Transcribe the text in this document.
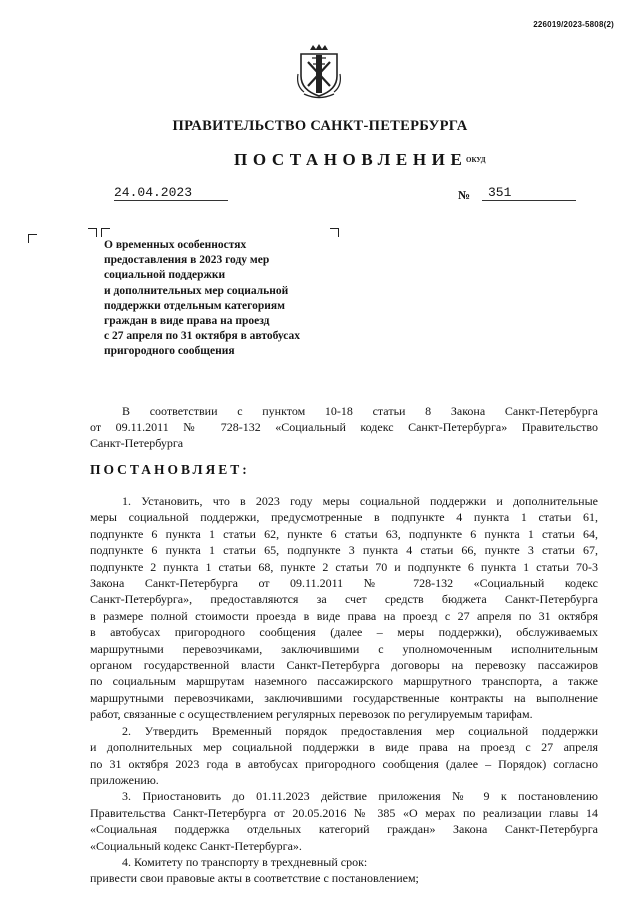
226019/2023-5808(2)
ПРАВИТЕЛЬСТВО САНКТ-ПЕТЕРБУРГА
ПОСТАНОВЛЕНИЕ
ОКУД
24.04.2023	№	351
О временных особенностях
предоставления в 2023 году мер
социальной поддержки
и дополнительных мер социальной
поддержки отдельным категориям
граждан в виде права на проезд
с 27 апреля по 31 октября в автобусах
пригородного сообщения
В соответствии с пунктом 10-18 статьи 8 Закона Санкт-Петербурга
от 09.11.2011 № 728-132 «Социальный кодекс Санкт-Петербурга» Правительство
Санкт-Петербурга
ПОСТАНОВЛЯЕТ:
1. Установить, что в 2023 году меры социальной поддержки и дополнительные
меры социальной поддержки, предусмотренные в подпункте 4 пункта 1 статьи 61,
подпункте 6 пункта 1 статьи 62, пункте 6 статьи 63, подпункте 6 пункта 1 статьи 64,
подпункте 6 пункта 1 статьи 65, подпункте 3 пункта 4 статьи 66, пункте 3 статьи 67,
подпункте 2 пункта 1 статьи 68, пункте 2 статьи 70 и подпункте 6 пункта 1 статьи 70-3
Закона Санкт-Петербурга от 09.11.2011 № 728-132 «Социальный кодекс
Санкт-Петербурга», предоставляются за счет средств бюджета Санкт-Петербурга
в размере полной стоимости проезда в виде права на проезд с 27 апреля по 31 октября
в автобусах пригородного сообщения (далее – меры поддержки), обслуживаемых
маршрутными перевозчиками, заключившими с уполномоченным исполнительным
органом государственной власти Санкт-Петербурга договоры на перевозку пассажиров
по социальным маршрутам наземного пассажирского маршрутного транспорта, а также
маршрутными перевозчиками, заключившими государственные контракты на выполнение
работ, связанные с осуществлением регулярных перевозок по регулируемым тарифам.
2. Утвердить Временный порядок предоставления мер социальной поддержки
и дополнительных мер социальной поддержки в виде права на проезд с 27 апреля
по 31 октября 2023 года в автобусах пригородного сообщения (далее – Порядок) согласно
приложению.
3. Приостановить до 01.11.2023 действие приложения № 9 к постановлению
Правительства Санкт-Петербурга от 20.05.2016 № 385 «О мерах по реализации главы 14
«Социальная поддержка отдельных категорий граждан» Закона Санкт-Петербурга
«Социальный кодекс Санкт-Петербурга».
4. Комитету по транспорту в трехдневный срок:
привести свои правовые акты в соответствие с постановлением;
